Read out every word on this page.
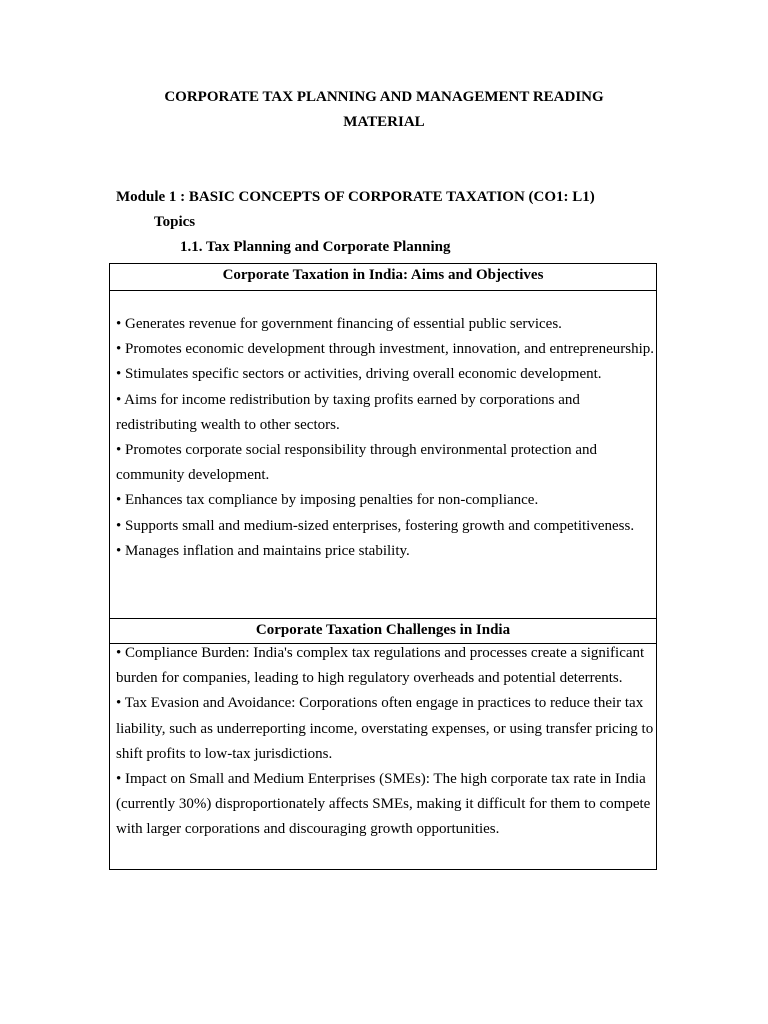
CORPORATE TAX PLANNING AND MANAGEMENT READING
MATERIAL
Module 1 : BASIC CONCEPTS OF CORPORATE TAXATION (CO1: L1)
Topics
1.1. Tax Planning and Corporate Planning
Corporate Taxation in India: Aims and Objectives
• Generates revenue for government financing of essential public services.
• Promotes economic development through investment, innovation, and entrepreneurship.
• Stimulates specific sectors or activities, driving overall economic development.
• Aims for income redistribution by taxing profits earned by corporations and redistributing wealth to other sectors.
• Promotes corporate social responsibility through environmental protection and community development.
• Enhances tax compliance by imposing penalties for non-compliance.
• Supports small and medium-sized enterprises, fostering growth and competitiveness.
• Manages inflation and maintains price stability.
Corporate Taxation Challenges in India
• Compliance Burden: India's complex tax regulations and processes create a significant burden for companies, leading to high regulatory overheads and potential deterrents.
• Tax Evasion and Avoidance: Corporations often engage in practices to reduce their tax liability, such as underreporting income, overstating expenses, or using transfer pricing to shift profits to low-tax jurisdictions.
• Impact on Small and Medium Enterprises (SMEs): The high corporate tax rate in India (currently 30%) disproportionately affects SMEs, making it difficult for them to compete with larger corporations and discouraging growth opportunities.
